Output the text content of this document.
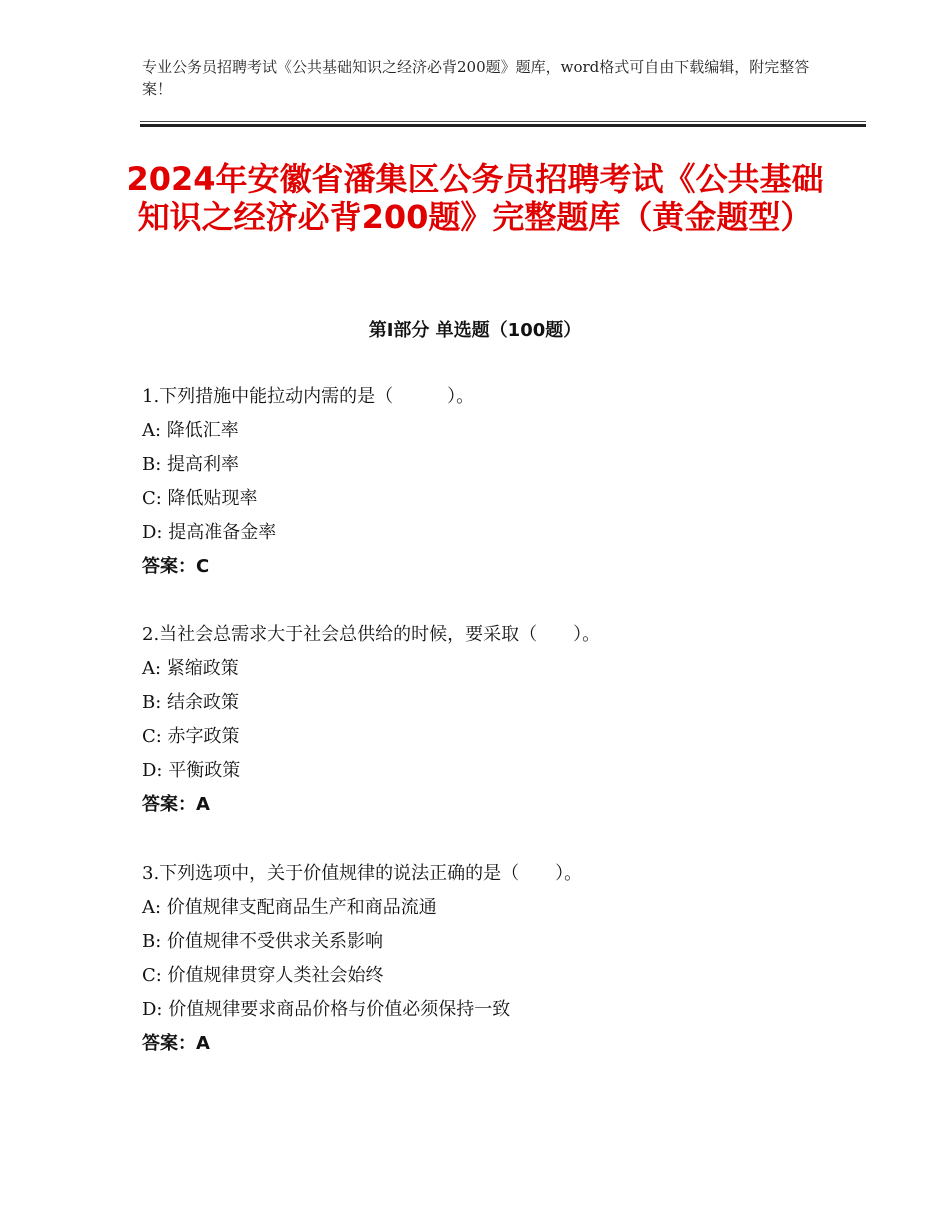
专业公务员招聘考试《公共基础知识之经济必背200题》题库，word格式可自由下载编辑，附完整答案！
2024年安徽省潘集区公务员招聘考试《公共基础知识之经济必背200题》完整题库（黄金题型）
第Ⅰ部分 单选题（100题）
1.下列措施中能拉动内需的是（　　　）。
A: 降低汇率
B: 提高利率
C: 降低贴现率
D: 提高准备金率
答案：C
2.当社会总需求大于社会总供给的时候，要采取（　　）。
A: 紧缩政策
B: 结余政策
C: 赤字政策
D: 平衡政策
答案：A
3.下列选项中，关于价值规律的说法正确的是（　　）。
A: 价值规律支配商品生产和商品流通
B: 价值规律不受供求关系影响
C: 价值规律贯穿人类社会始终
D: 价值规律要求商品价格与价值必须保持一致
答案：A
